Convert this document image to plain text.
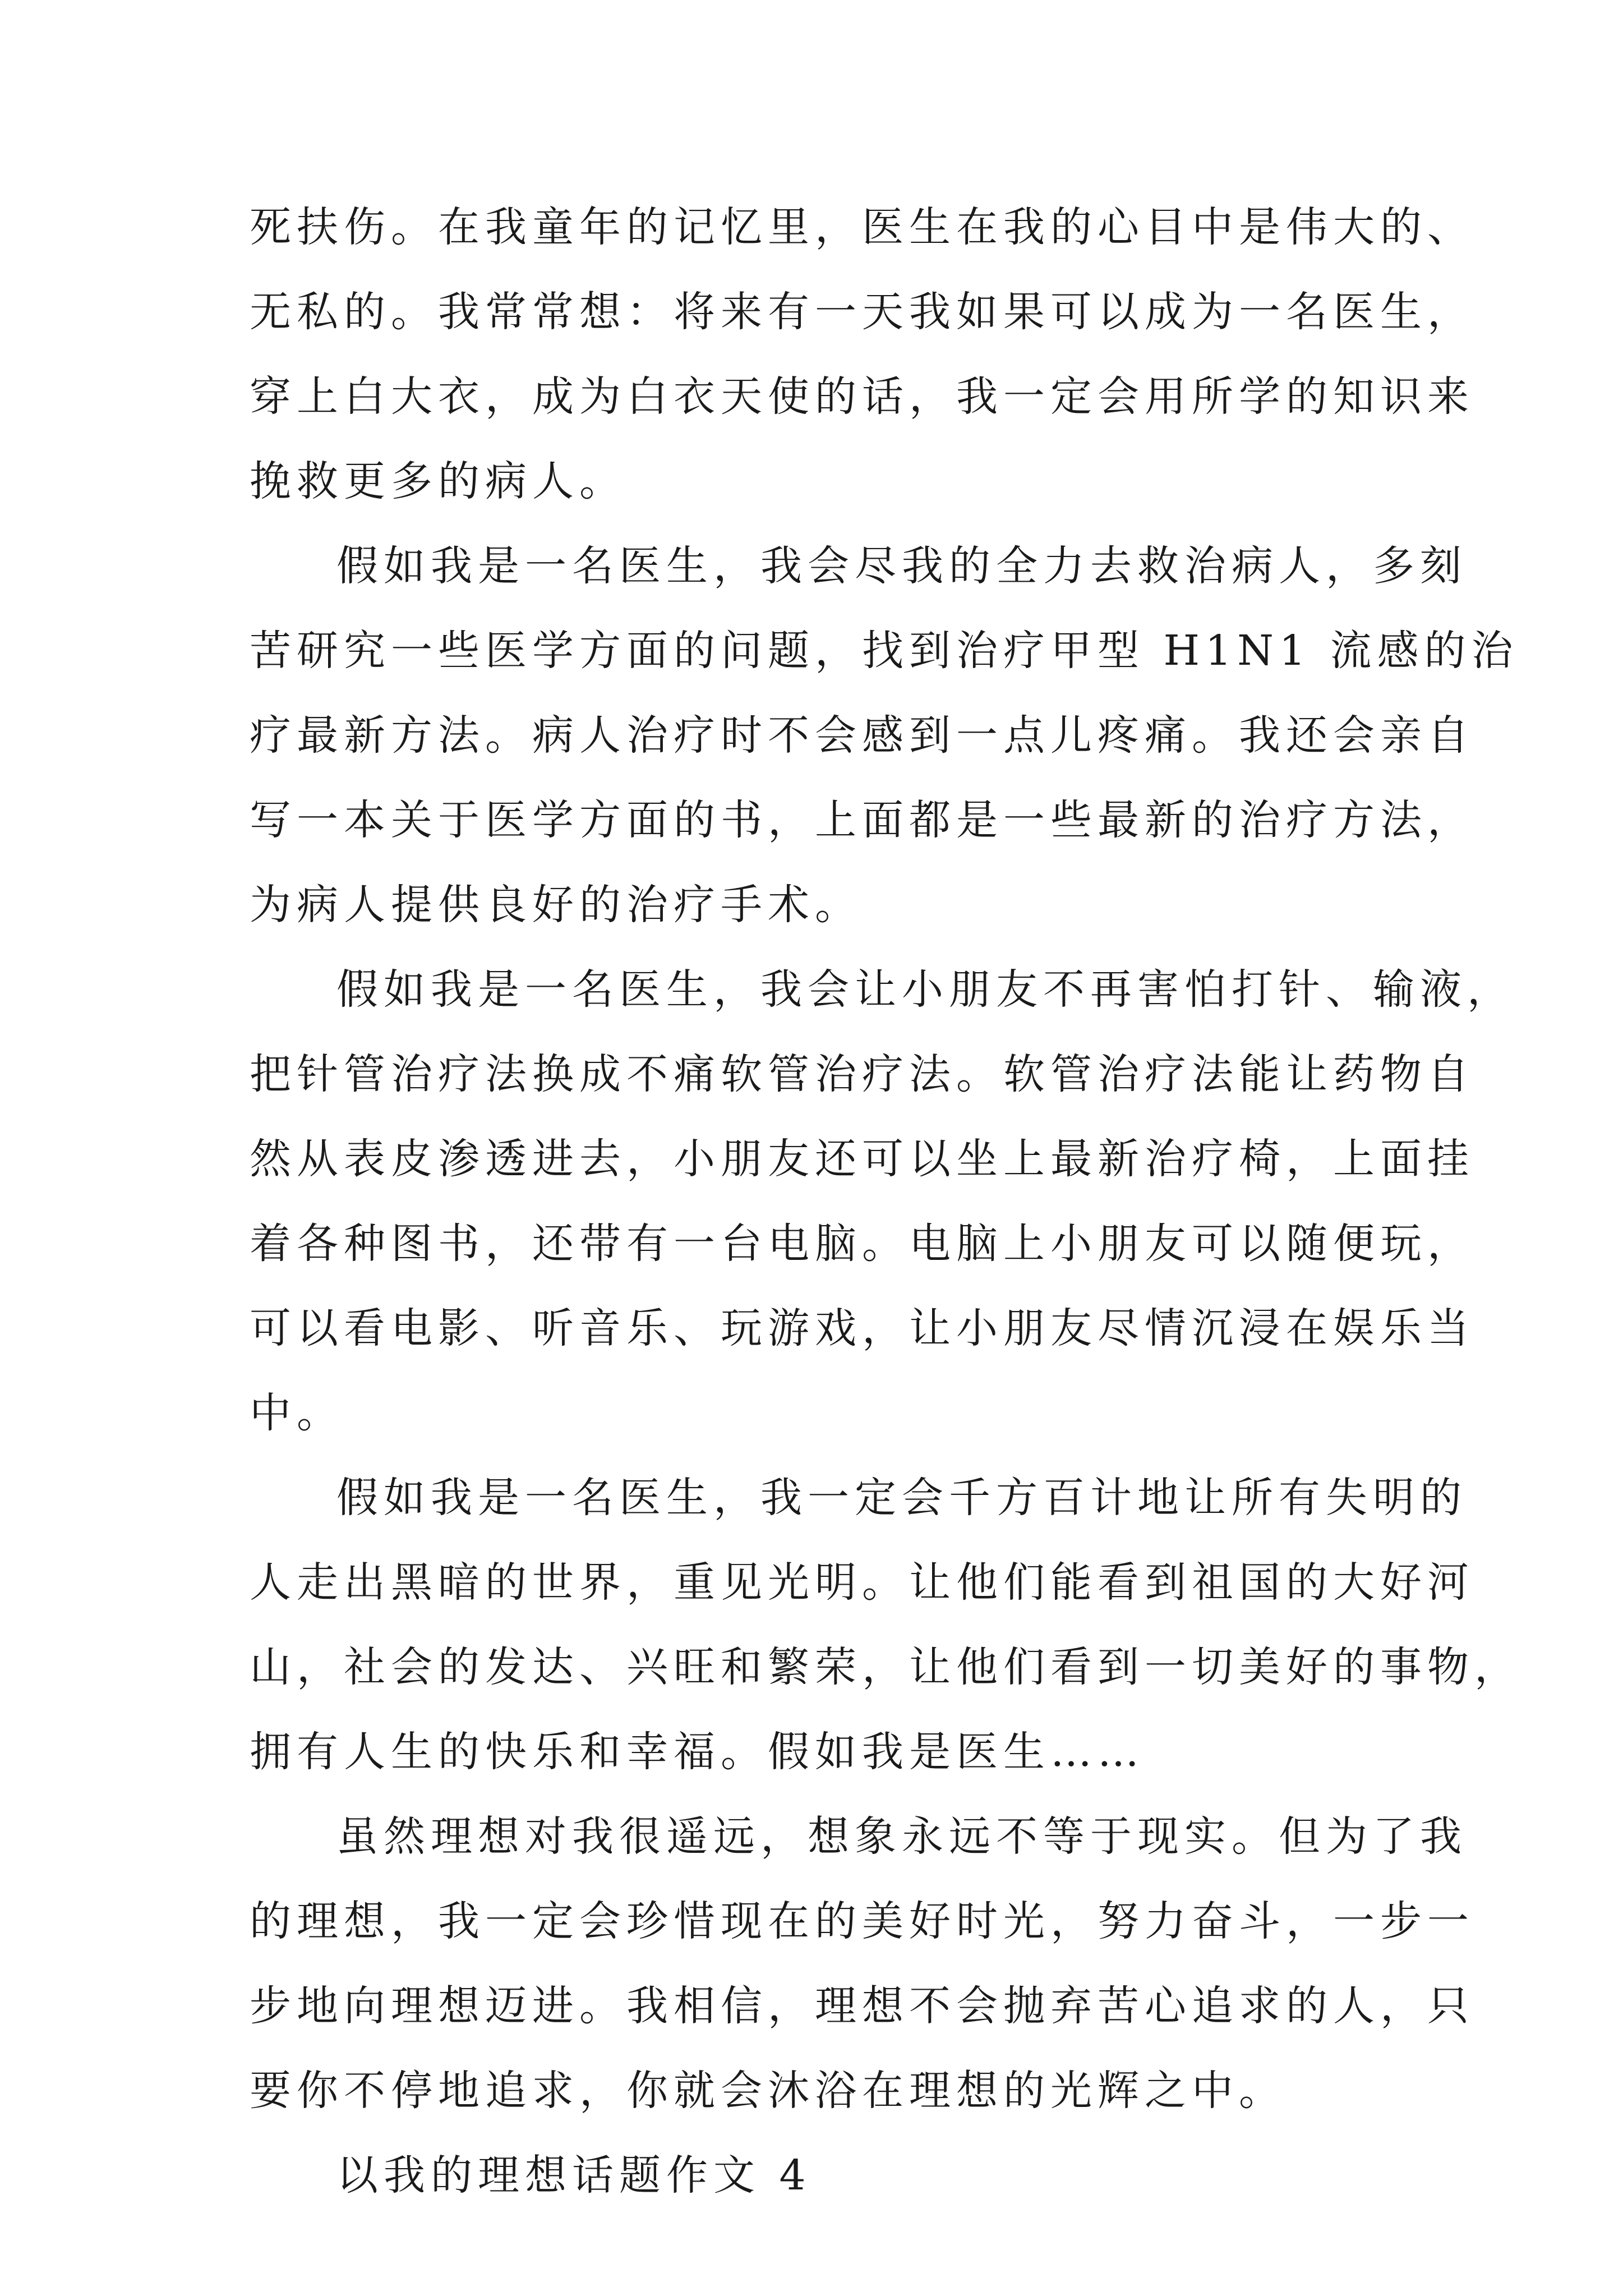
死扶伤。在我童年的记忆里，医生在我的心目中是伟大的、
无私的。我常常想：将来有一天我如果可以成为一名医生，
穿上白大衣，成为白衣天使的话，我一定会用所学的知识来
挽救更多的病人。
假如我是一名医生，我会尽我的全力去救治病人，多刻
苦研究一些医学方面的问题，找到治疗甲型 H1N1 流感的治
疗最新方法。病人治疗时不会感到一点儿疼痛。我还会亲自
写一本关于医学方面的书，上面都是一些最新的治疗方法，
为病人提供良好的治疗手术。
假如我是一名医生，我会让小朋友不再害怕打针、输液，
把针管治疗法换成不痛软管治疗法。软管治疗法能让药物自
然从表皮渗透进去，小朋友还可以坐上最新治疗椅，上面挂
着各种图书，还带有一台电脑。电脑上小朋友可以随便玩，
可以看电影、听音乐、玩游戏，让小朋友尽情沉浸在娱乐当
中。
假如我是一名医生，我一定会千方百计地让所有失明的
人走出黑暗的世界，重见光明。让他们能看到祖国的大好河
山，社会的发达、兴旺和繁荣，让他们看到一切美好的事物，
拥有人生的快乐和幸福。假如我是医生……
虽然理想对我很遥远，想象永远不等于现实。但为了我
的理想，我一定会珍惜现在的美好时光，努力奋斗，一步一
步地向理想迈进。我相信，理想不会抛弃苦心追求的人，只
要你不停地追求，你就会沐浴在理想的光辉之中。
以我的理想话题作文 4
